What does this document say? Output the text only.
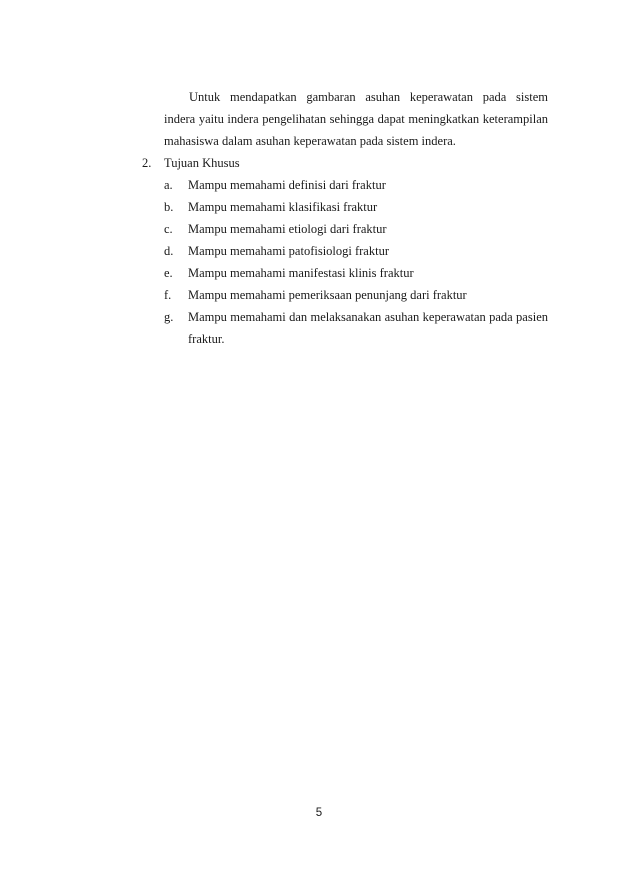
Untuk mendapatkan gambaran asuhan keperawatan pada sistem
indera yaitu indera pengelihatan sehingga dapat meningkatkan keterampilan
mahasiswa dalam asuhan keperawatan pada sistem indera.
2. Tujuan Khusus
a. Mampu memahami definisi dari fraktur
b. Mampu memahami klasifikasi fraktur
c. Mampu memahami etiologi dari fraktur
d. Mampu memahami patofisiologi fraktur
e. Mampu memahami manifestasi klinis fraktur
f. Mampu memahami pemeriksaan penunjang dari fraktur
g. Mampu memahami dan melaksanakan asuhan keperawatan pada pasien
fraktur.
5
